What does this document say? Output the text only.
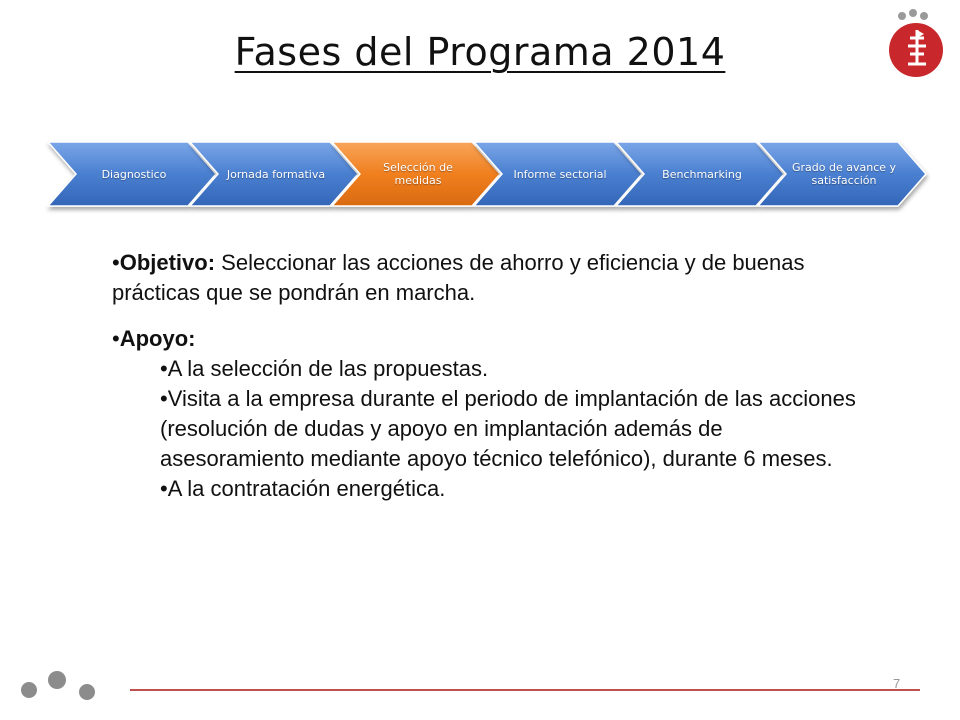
Fases del Programa 2014
Diagnostico	Jornada formativa	Selección de medidas	Informe sectorial	Benchmarking	Grado de avance y satisfacción

•Objetivo: Seleccionar las acciones de ahorro y eficiencia y de buenas prácticas que se pondrán en marcha.

•Apoyo:

•A la selección de las propuestas.

•Visita a la empresa durante el periodo de implantación de las acciones (resolución de dudas y apoyo en implantación además de asesoramiento mediante apoyo técnico telefónico), durante 6 meses.

•A la contratación energética.

7
